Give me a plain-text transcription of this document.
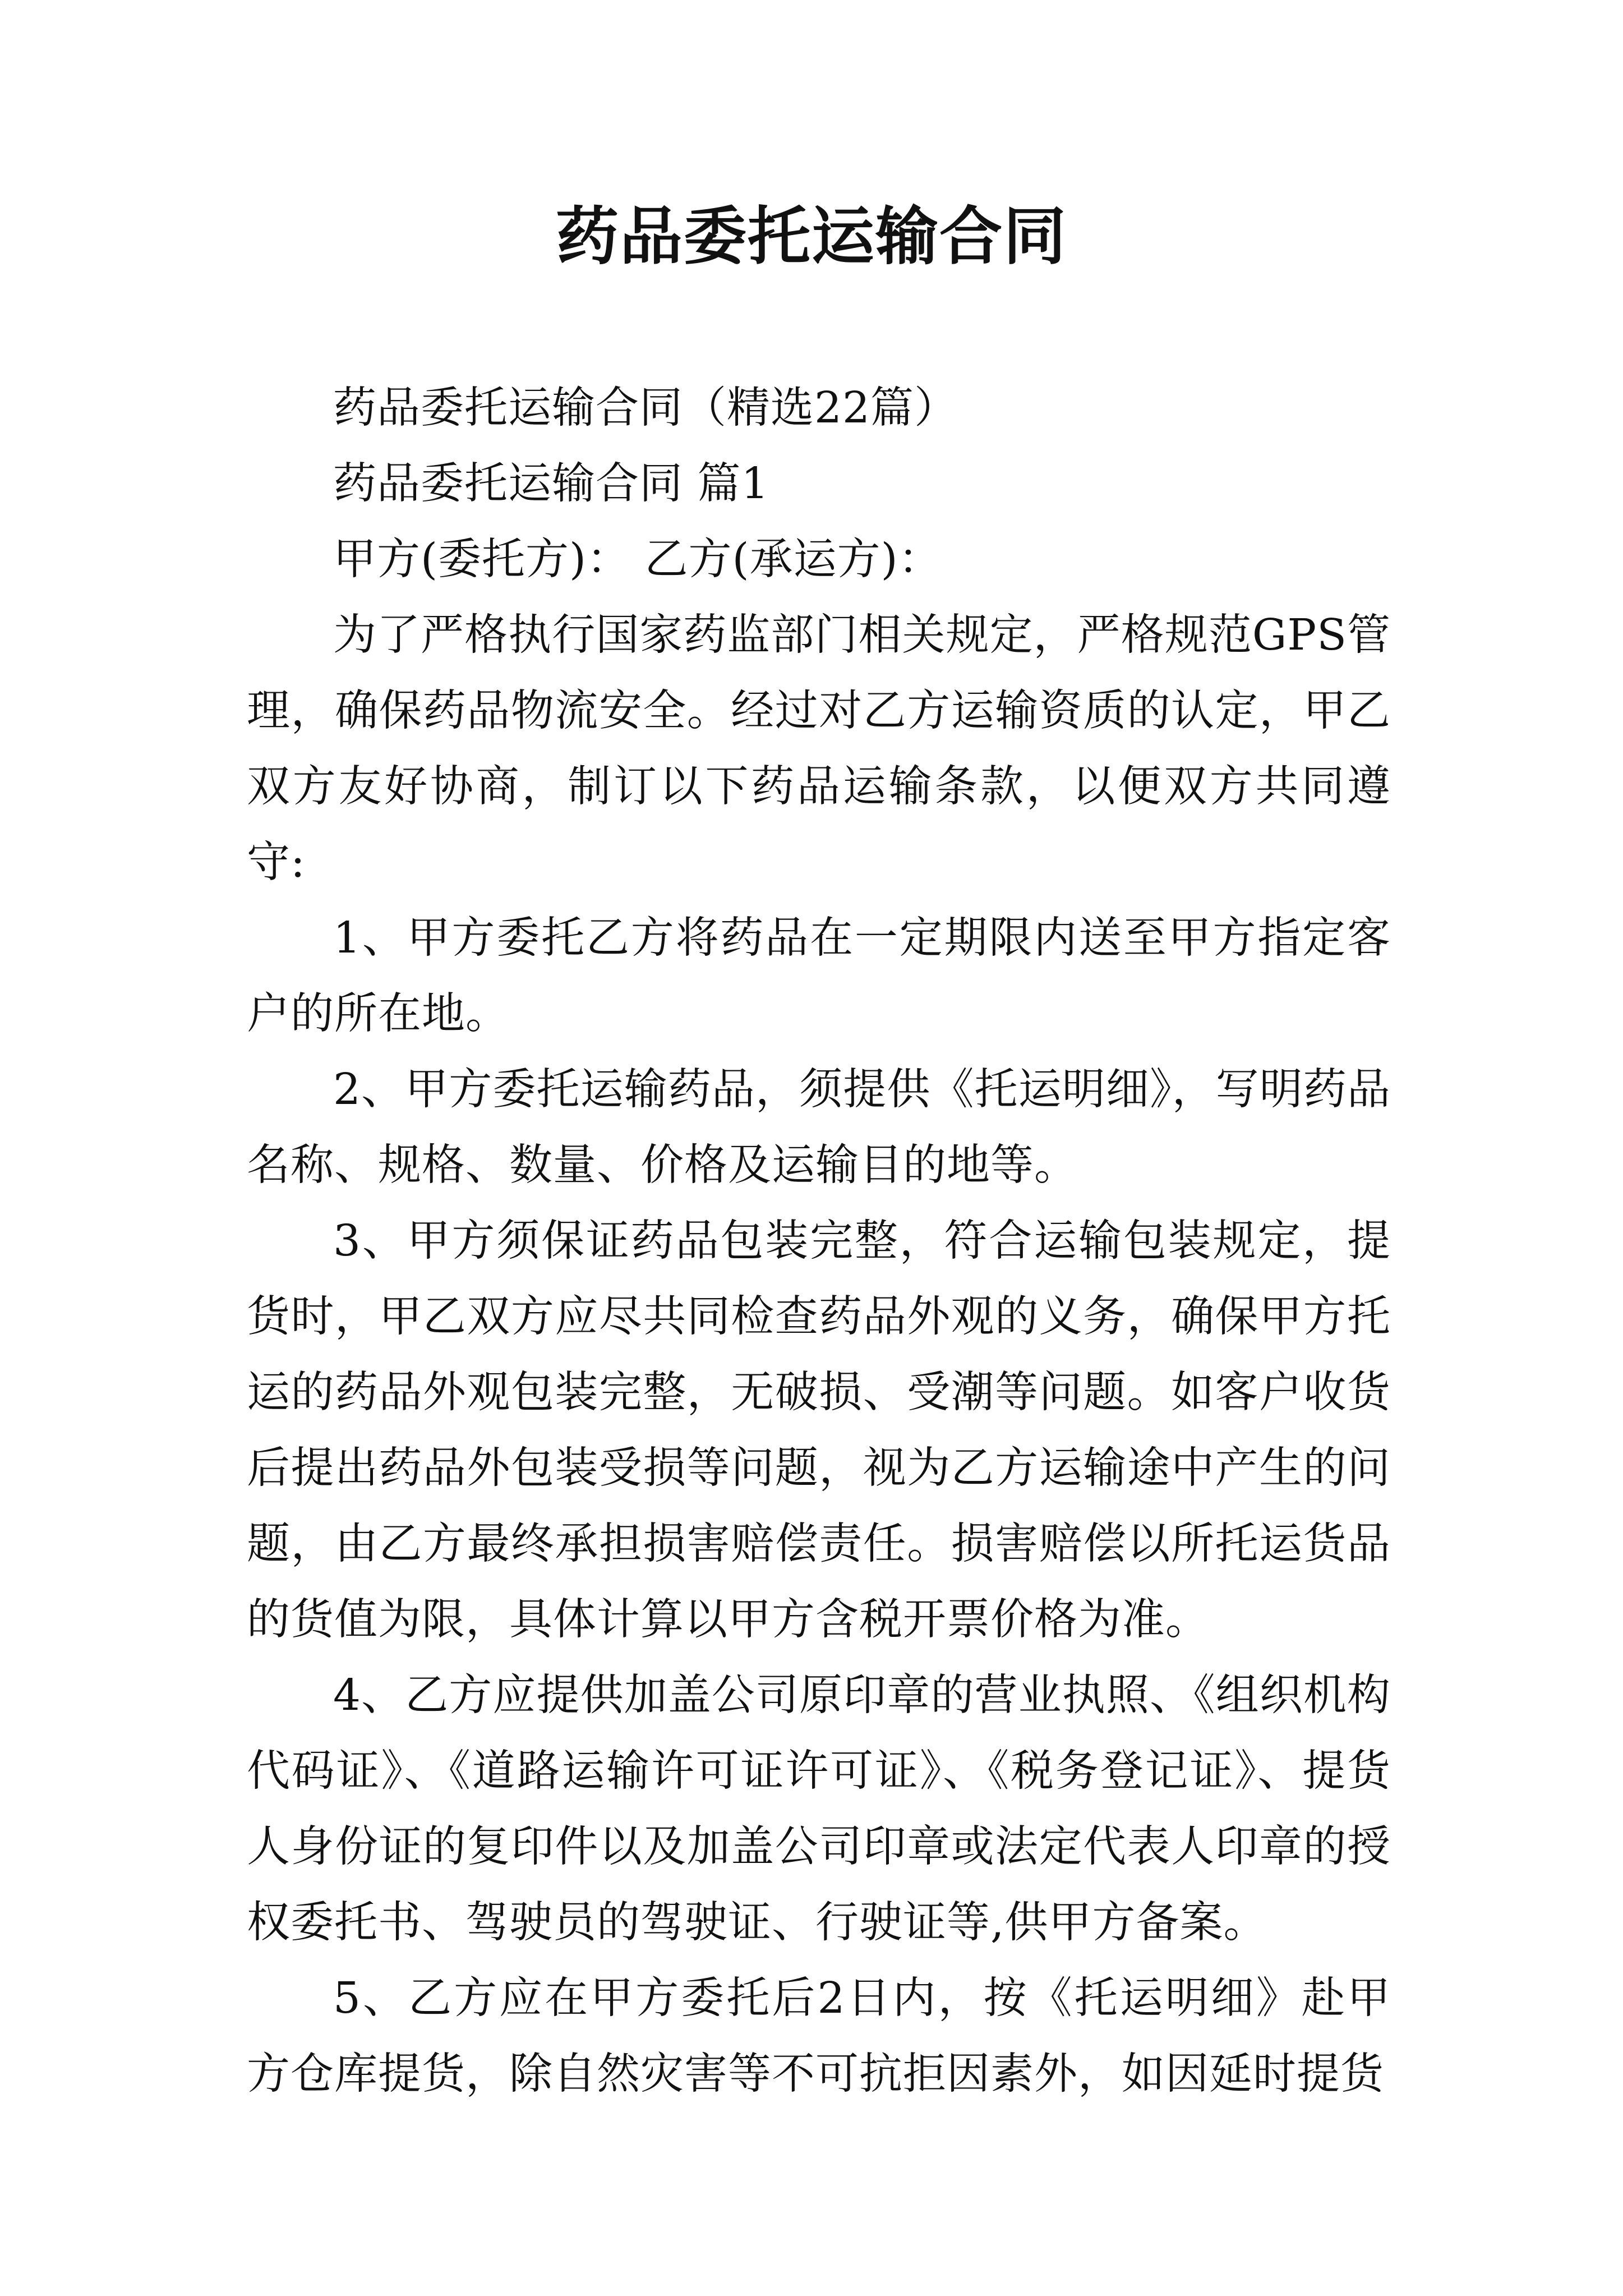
药品委托运输合同

药品委托运输合同（精选22篇）

药品委托运输合同 篇1

甲方(委托方)： 乙方(承运方)：

为了严格执行国家药监部门相关规定，严格规范GPS管理，确保药品物流安全。经过对乙方运输资质的认定，甲乙双方友好协商，制订以下药品运输条款，以便双方共同遵守:

1、甲方委托乙方将药品在一定期限内送至甲方指定客户的所在地。

2、甲方委托运输药品，须提供《托运明细》，写明药品名称、规格、数量、价格及运输目的地等。

3、甲方须保证药品包装完整，符合运输包装规定，提货时，甲乙双方应尽共同检查药品外观的义务，确保甲方托运的药品外观包装完整，无破损、受潮等问题。如客户收货后提出药品外包装受损等问题，视为乙方运输途中产生的问题，由乙方最终承担损害赔偿责任。损害赔偿以所托运货品的货值为限，具体计算以甲方含税开票价格为准。

4、乙方应提供加盖公司原印章的营业执照、《组织机构代码证》、《道路运输许可证许可证》、《税务登记证》、提货人身份证的复印件以及加盖公司印章或法定代表人印章的授权委托书、驾驶员的驾驶证、行驶证等,供甲方备案。

5、乙方应在甲方委托后2日内，按《托运明细》赴甲方仓库提货，除自然灾害等不可抗拒因素外，如因延时提货
